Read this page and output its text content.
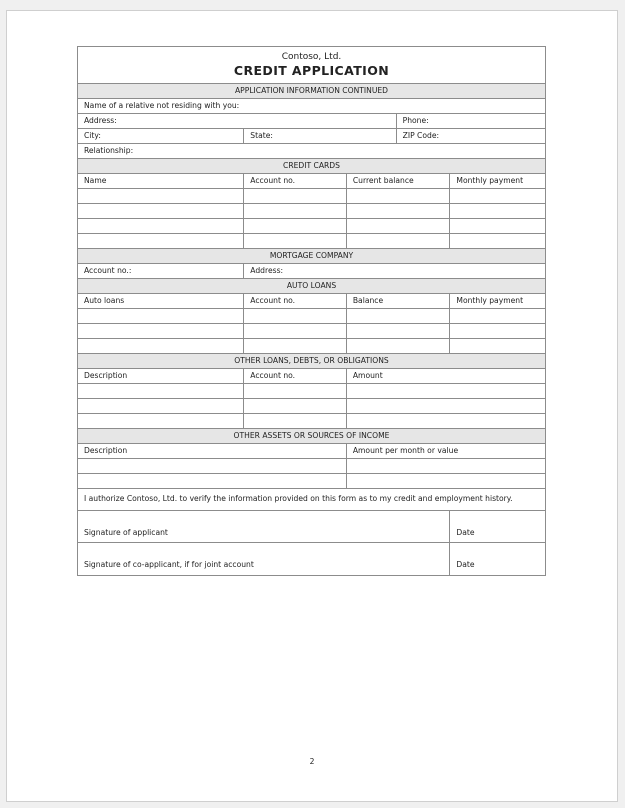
Contoso, Ltd.
CREDIT APPLICATION
APPLICATION INFORMATION CONTINUED
Name of a relative not residing with you:
Address:	Phone:
City:	State:	ZIP Code:
Relationship:
CREDIT CARDS
Name	Account no.	Current balance	Monthly payment
MORTGAGE COMPANY
Account no.:	Address:
AUTO LOANS
Auto loans	Account no.	Balance	Monthly payment
OTHER LOANS, DEBTS, OR OBLIGATIONS
Description	Account no.	Amount
OTHER ASSETS OR SOURCES OF INCOME
Description	Amount per month or value
I authorize Contoso, Ltd. to verify the information provided on this form as to my credit and employment history.
Signature of applicant	Date
Signature of co-applicant, if for joint account	Date
2
